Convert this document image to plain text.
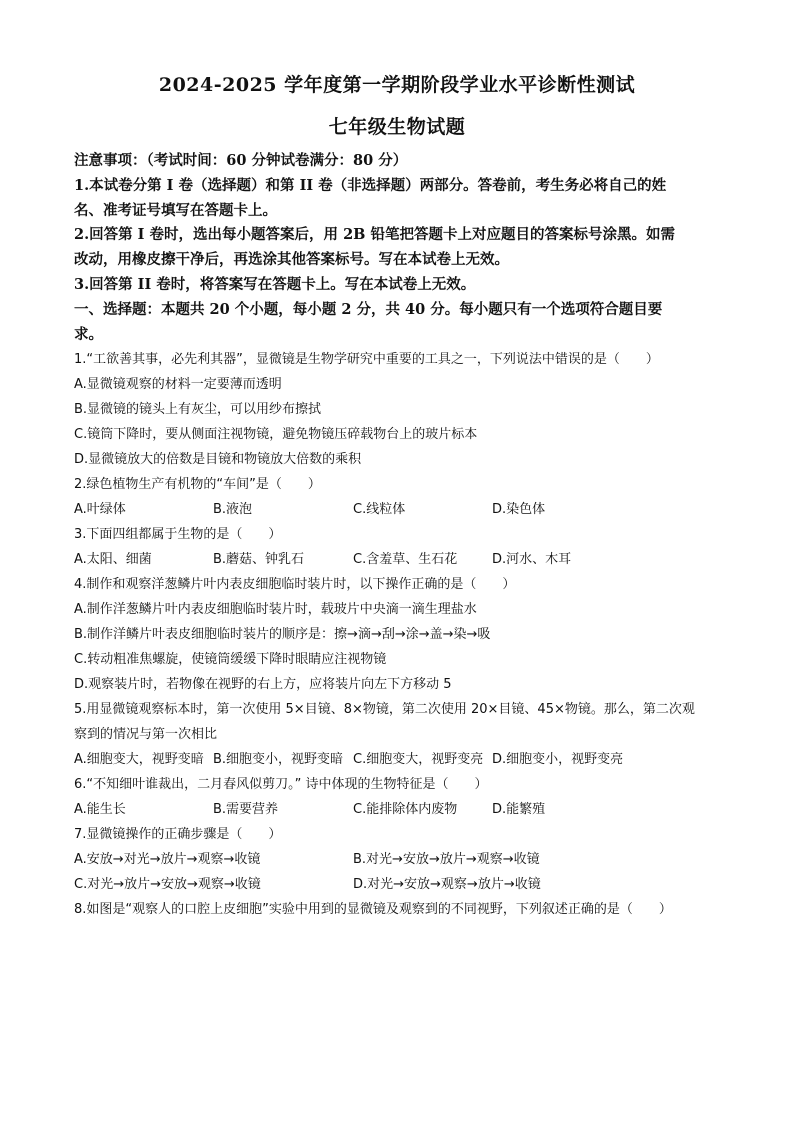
2024-2025 学年度第一学期阶段学业水平诊断性测试
七年级生物试题
注意事项：（考试时间：60 分钟试卷满分：80 分）
1.本试卷分第 I 卷（选择题）和第 II 卷（非选择题）两部分。答卷前，考生务必将自己的姓
名、准考证号填写在答题卡上。
2.回答第 I 卷时，选出每小题答案后，用 2B 铅笔把答题卡上对应题目的答案标号涂黑。如需
改动，用橡皮擦干净后，再选涂其他答案标号。写在本试卷上无效。
3.回答第 II 卷时，将答案写在答题卡上。写在本试卷上无效。
一、选择题：本题共 20 个小题，每小题 2 分，共 40 分。每小题只有一个选项符合题目要
求。
1.“工欲善其事，必先利其器”，显微镜是生物学研究中重要的工具之一，下列说法中错误的是（　　）
A.显微镜观察的材料一定要薄而透明
B.显微镜的镜头上有灰尘，可以用纱布擦拭
C.镜筒下降时，要从侧面注视物镜，避免物镜压碎载物台上的玻片标本
D.显微镜放大的倍数是目镜和物镜放大倍数的乘积
2.绿色植物生产有机物的“车间”是（　　）
A.叶绿体	B.液泡	C.线粒体	D.染色体
3.下面四组都属于生物的是（　　）
A.太阳、细菌	B.蘑菇、钟乳石	C.含羞草、生石花	D.河水、木耳
4.制作和观察洋葱鳞片叶内表皮细胞临时装片时，以下操作正确的是（　　）
A.制作洋葱鳞片叶内表皮细胞临时装片时，载玻片中央滴一滴生理盐水
B.制作洋鳞片叶表皮细胞临时装片的顺序是：擦→滴→刮→涂→盖→染→吸
C.转动粗准焦螺旋，使镜筒缓缓下降时眼睛应注视物镜
D.观察装片时，若物像在视野的右上方，应将装片向左下方移动 5
5.用显微镜观察标本时，第一次使用 5×目镜、8×物镜，第二次使用 20×目镜、45×物镜。那么，第二次观
察到的情况与第一次相比
A.细胞变大，视野变暗 B.细胞变小，视野变暗 C.细胞变大，视野变亮 D.细胞变小，视野变亮
6.“不知细叶谁裁出，二月春风似剪刀。” 诗中体现的生物特征是（　　）
A.能生长	B.需要营养	C.能排除体内废物	D.能繁殖
7.显微镜操作的正确步骤是（　　）
A.安放→对光→放片→观察→收镜	B.对光→安放→放片→观察→收镜
C.对光→放片→安放→观察→收镜	D.对光→安放→观察→放片→收镜
8.如图是“观察人的口腔上皮细胞”实验中用到的显微镜及观察到的不同视野，下列叙述正确的是（　　）
